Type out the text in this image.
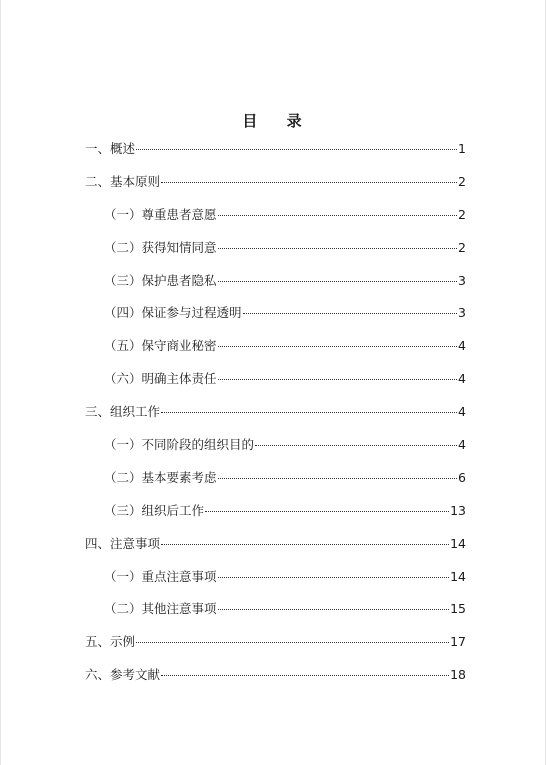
目 录
一、概述	1
二、基本原则	2
（一）尊重患者意愿	2
（二）获得知情同意	2
（三）保护患者隐私	3
（四）保证参与过程透明	3
（五）保守商业秘密	4
（六）明确主体责任	4
三、组织工作	4
（一）不同阶段的组织目的	4
（二）基本要素考虑	6
（三）组织后工作	13
四、注意事项	14
（一）重点注意事项	14
（二）其他注意事项	15
五、示例	17
六、参考文献	18
